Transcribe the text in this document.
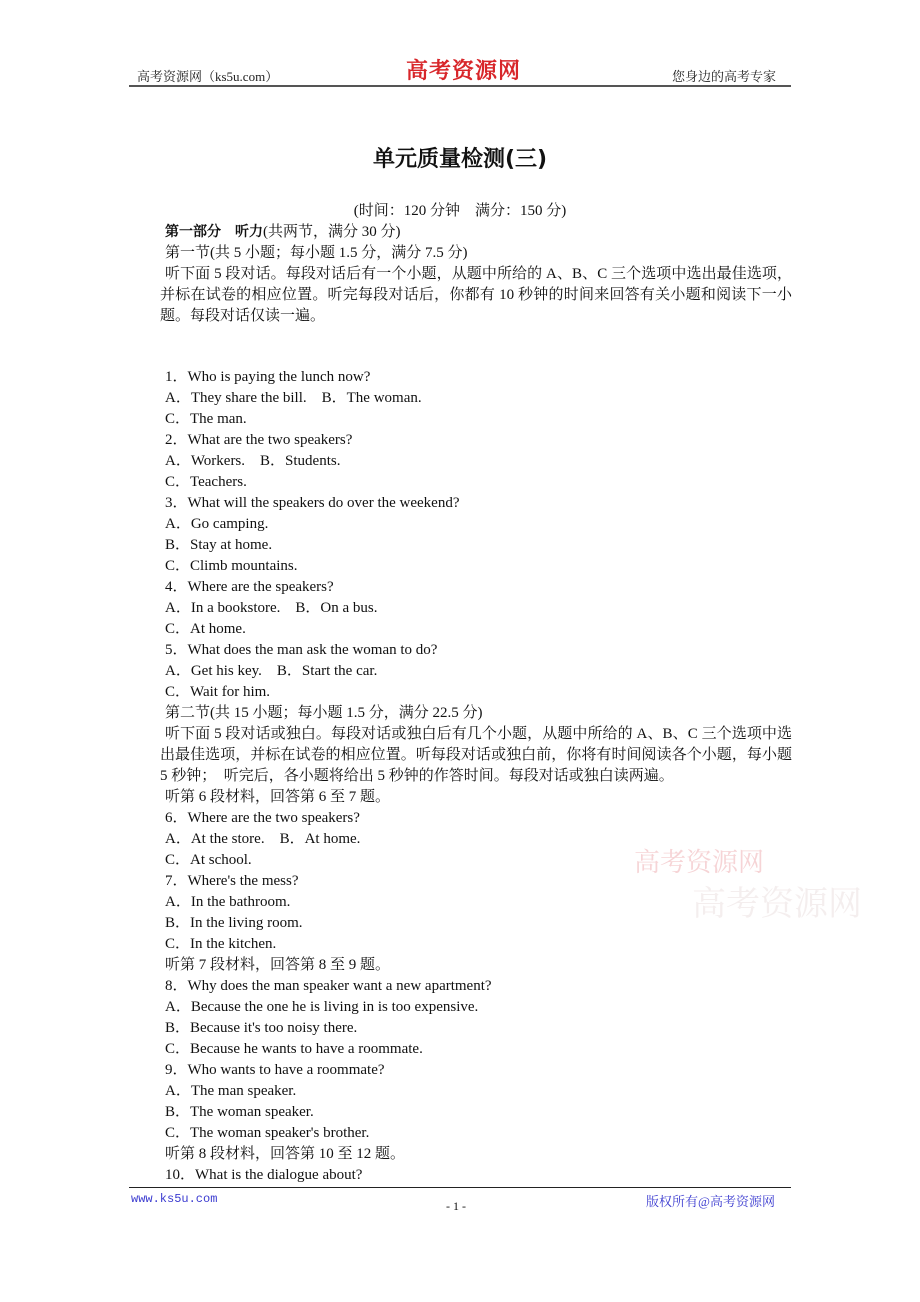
高考资源网（ks5u.com）	高考资源网	您身边的高考专家
单元质量检测(三)
(时间：120 分钟　满分：150 分)
第一部分　听力(共两节，满分 30 分)
第一节(共 5 小题；每小题 1.5 分，满分 7.5 分)
听下面 5 段对话。每段对话后有一个小题，从题中所给的 A、B、C 三个选项中选出最佳选项，并标在试卷的相应位置。听完每段对话后，你都有 10 秒钟的时间来回答有关小题和阅读下一小题。每段对话仅读一遍。
1．Who is paying the lunch now?
A．They share the bill.　B．The woman.
C．The man.
2．What are the two speakers?
A．Workers.　B．Students.
C．Teachers.
3．What will the speakers do over the weekend?
A．Go camping.
B．Stay at home.
C．Climb mountains.
4．Where are the speakers?
A．In a bookstore.　B．On a bus.
C．At home.
5．What does the man ask the woman to do?
A．Get his key.　B．Start the car.
C．Wait for him.
第二节(共 15 小题；每小题 1.5 分，满分 22.5 分)
听下面 5 段对话或独白。每段对话或独白后有几个小题，从题中所给的 A、B、C 三个选项中选出最佳选项，并标在试卷的相应位置。听每段对话或独白前，你将有时间阅读各个小题，每小题 5 秒钟；　听完后，各小题将给出 5 秒钟的作答时间。每段对话或独白读两遍。
听第 6 段材料，回答第 6 至 7 题。
6．Where are the two speakers?
A．At the store.　B．At home.
C．At school.
7．Where's the mess?
A．In the bathroom.
B．In the living room.
C．In the kitchen.
听第 7 段材料，回答第 8 至 9 题。
8．Why does the man speaker want a new apartment?
A．Because the one he is living in is too expensive.
B．Because it's too noisy there.
C．Because he wants to have a roommate.
9．Who wants to have a roommate?
A．The man speaker.
B．The woman speaker.
C．The woman speaker's brother.
听第 8 段材料，回答第 10 至 12 题。
10．What is the dialogue about?
高考资源网
高考资源网
www.ks5u.com	- 1 -	版权所有@高考资源网
